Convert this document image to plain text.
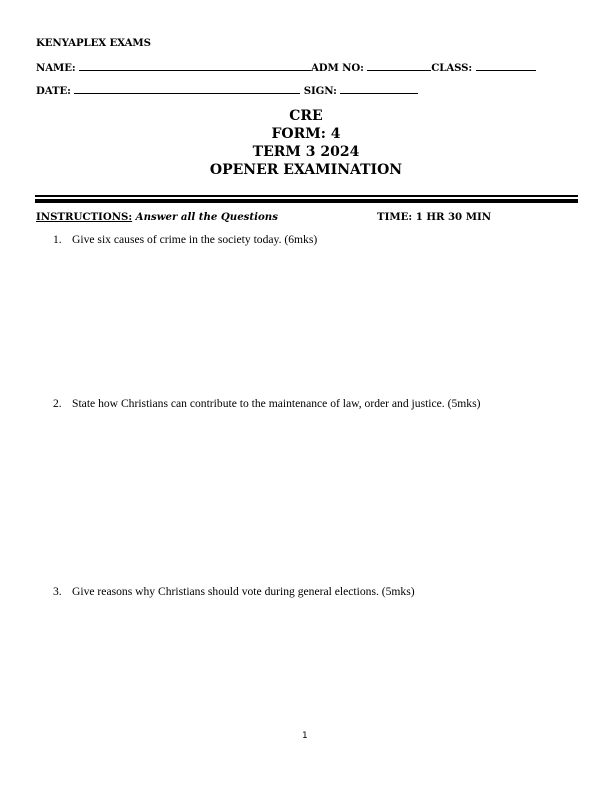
KENYAPLEX EXAMS
NAME:	ADM NO:	CLASS:
DATE:	SIGN:
CRE
FORM: 4
TERM 3 2024
OPENER EXAMINATION
INSTRUCTIONS: Answer all the Questions	TIME: 1 HR 30 MIN
1. Give six causes of crime in the society today. (6mks)
2. State how Christians can contribute to the maintenance of law, order and justice. (5mks)
3. Give reasons why Christians should vote during general elections. (5mks)
1
